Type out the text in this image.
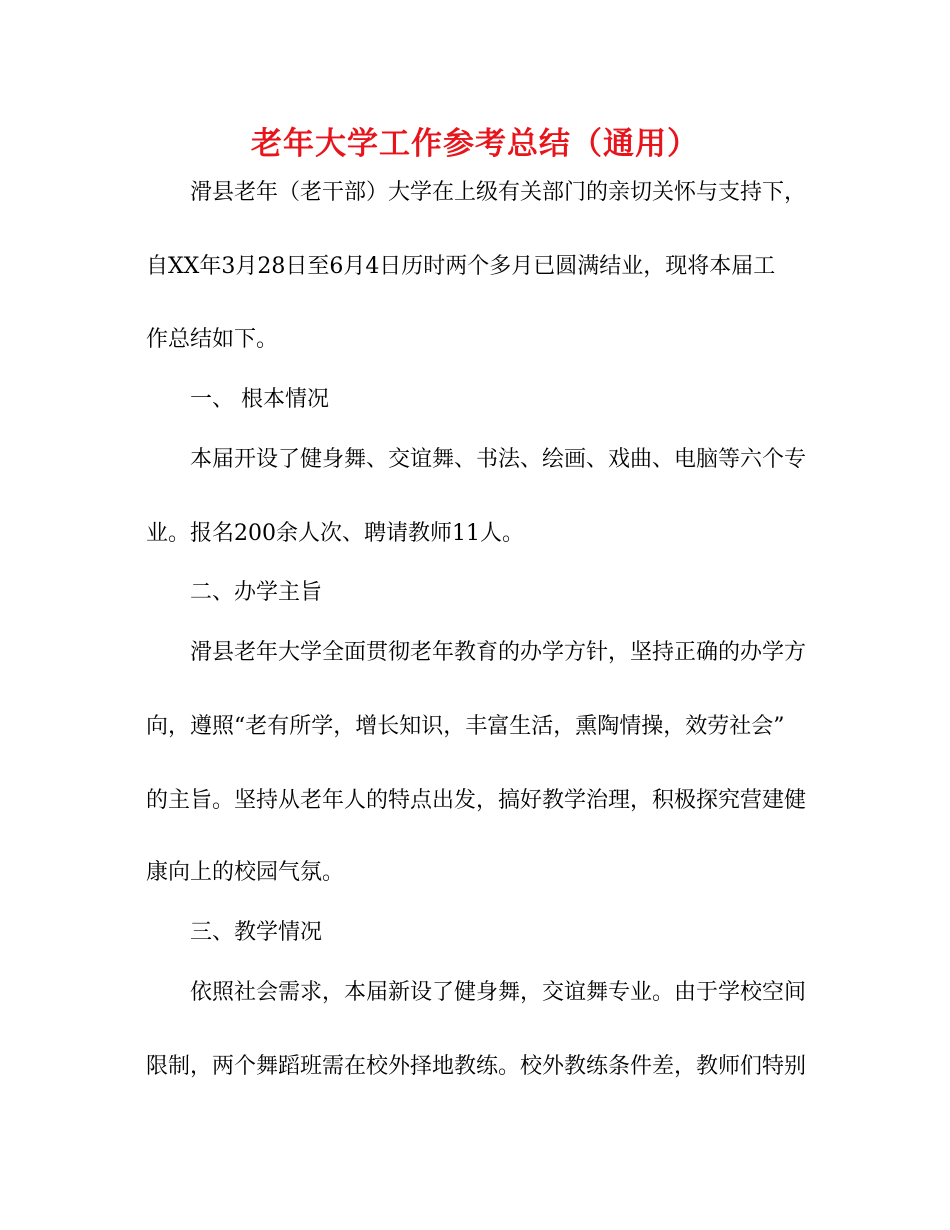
老年大学工作参考总结（通用）

滑县老年（老干部）大学在上级有关部门的亲切关怀与支持下，

自XX年3月28日至6月4日历时两个多月已圆满结业，现将本届工

作总结如下。

一、 根本情况

本届开设了健身舞、交谊舞、书法、绘画、戏曲、电脑等六个专

业。报名200余人次、聘请教师11人。

二、办学主旨

滑县老年大学全面贯彻老年教育的办学方针，坚持正确的办学方

向，遵照“老有所学，增长知识，丰富生活，熏陶情操，效劳社会”

的主旨。坚持从老年人的特点出发，搞好教学治理，积极探究营建健

康向上的校园气氛。

三、教学情况

依照社会需求，本届新设了健身舞，交谊舞专业。由于学校空间

限制，两个舞蹈班需在校外择地教练。校外教练条件差，教师们特别
